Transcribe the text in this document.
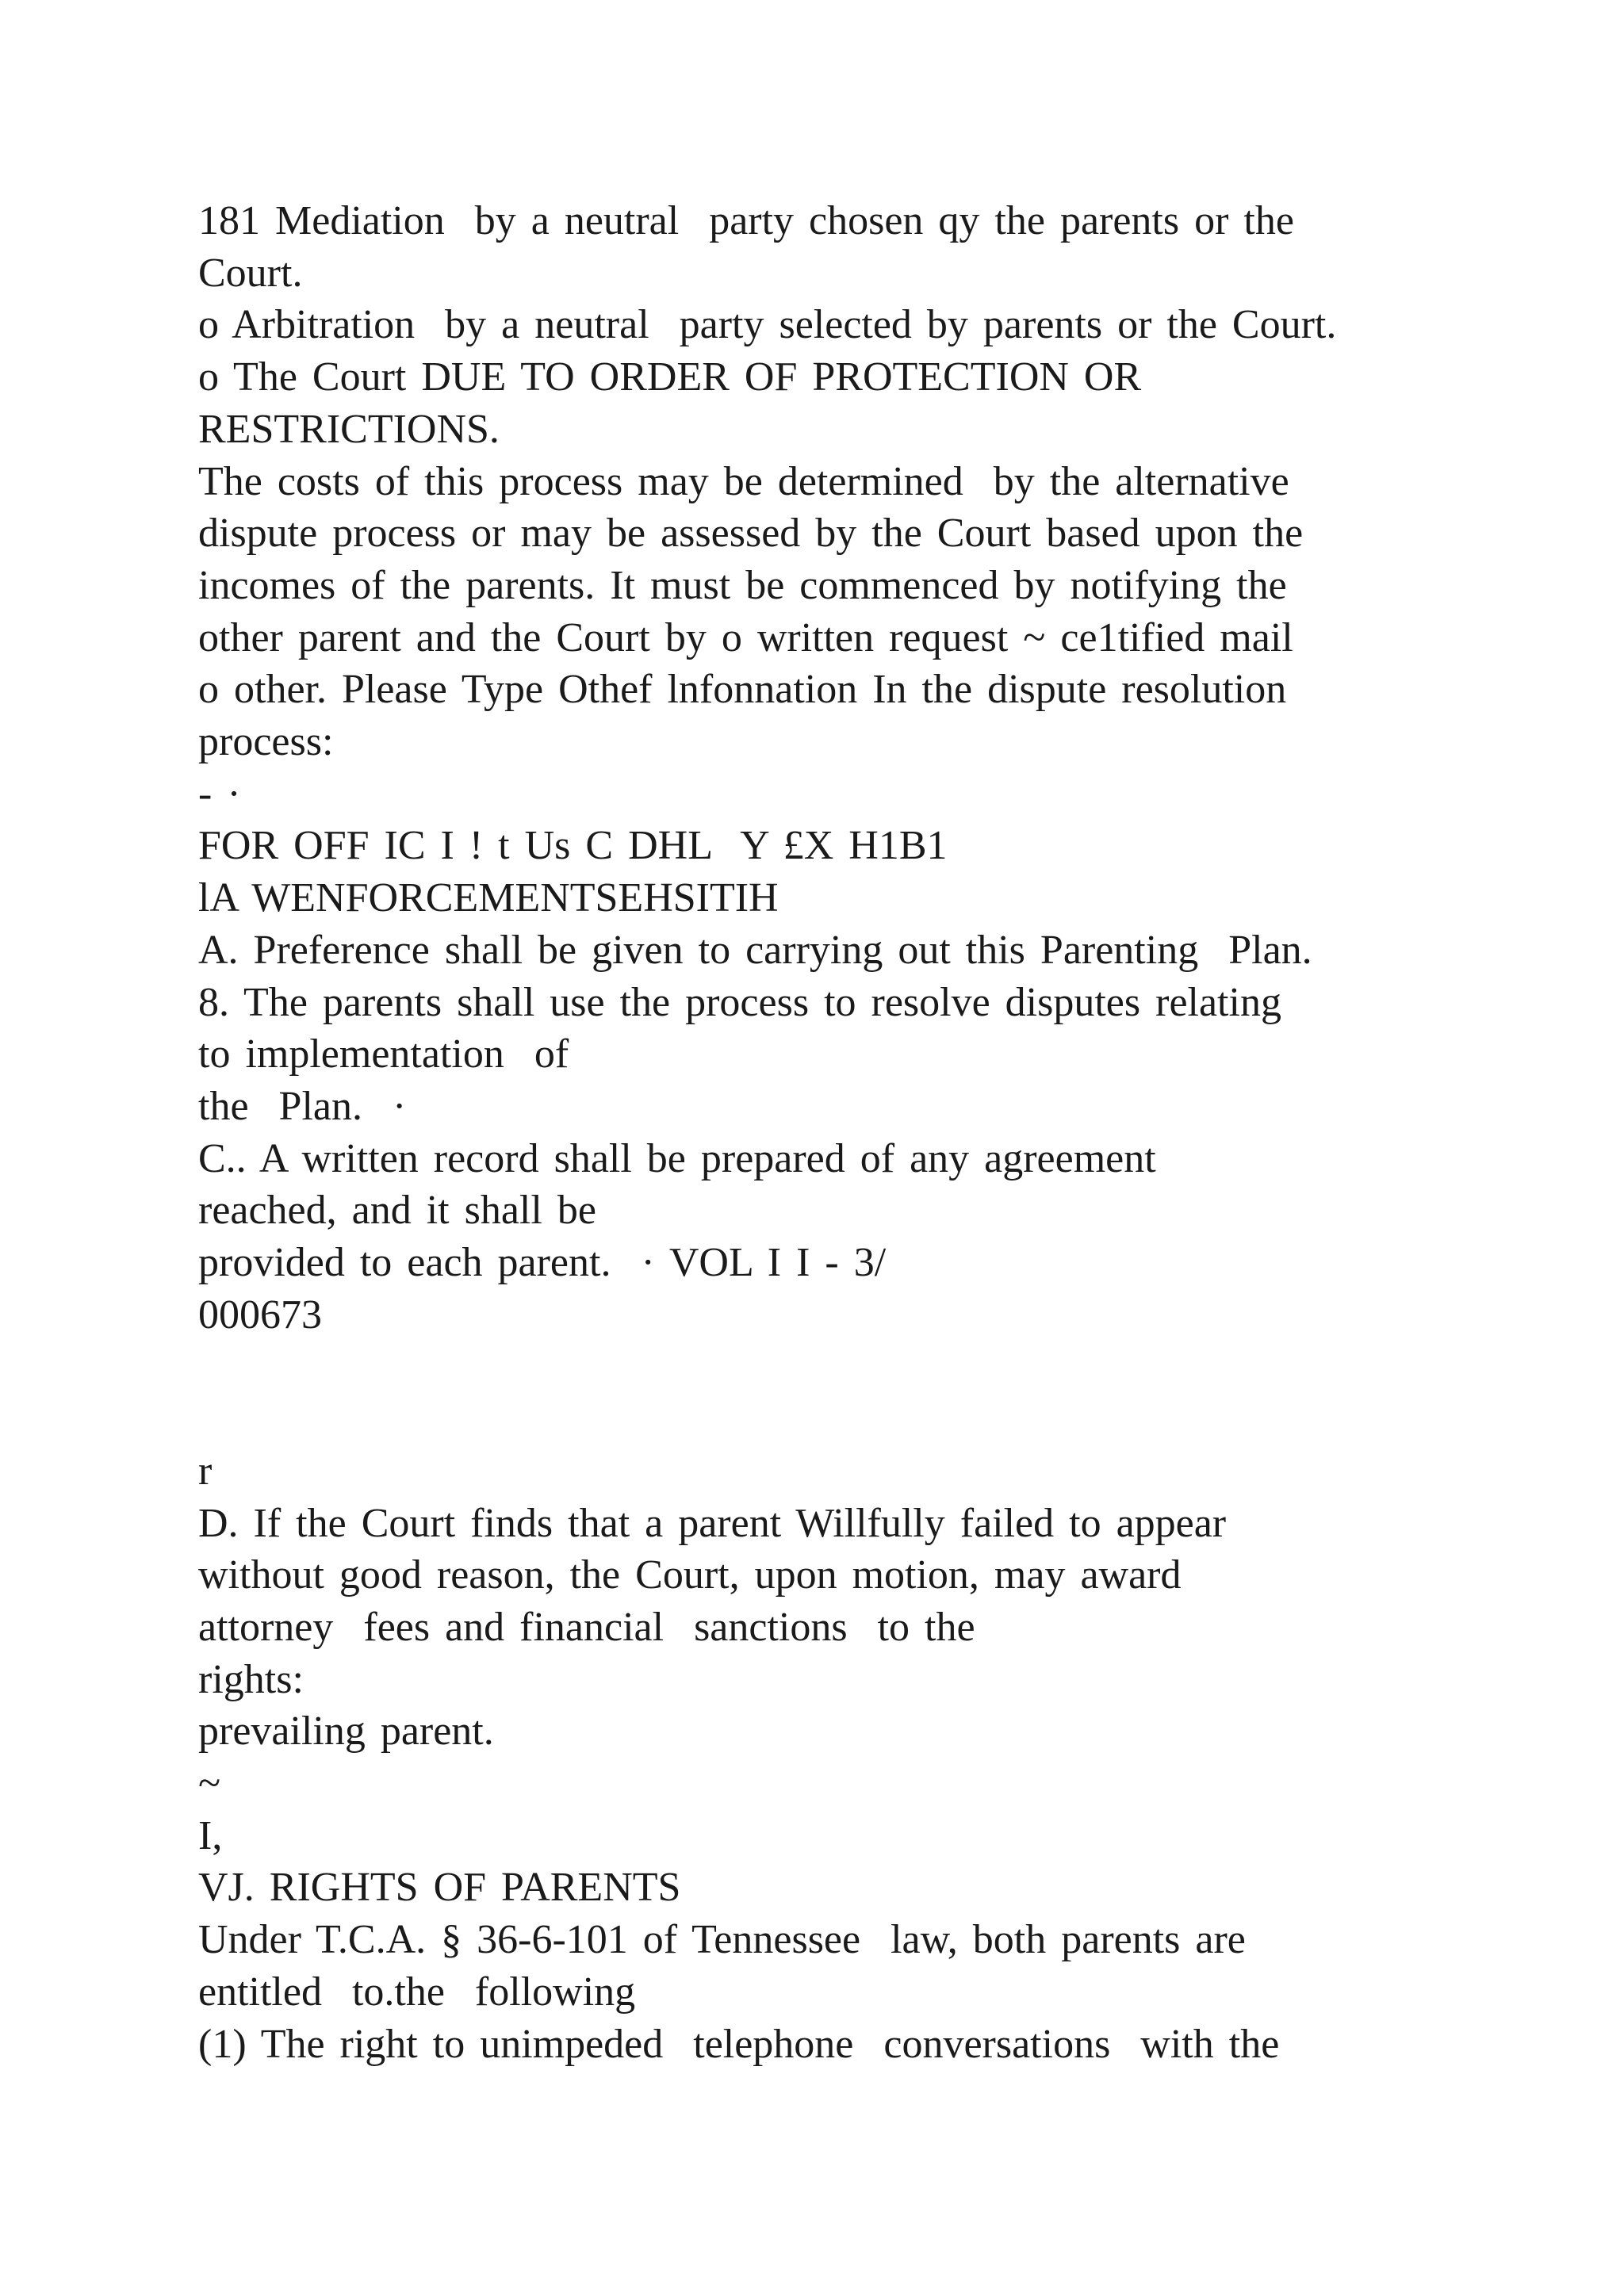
181 Mediation  by a neutral  party chosen qy the parents or the
Court.
o Arbitration  by a neutral  party selected by parents or the Court.
o The Court DUE TO ORDER OF PROTECTION OR
RESTRICTIONS.
The costs of this process may be determined  by the alternative
dispute process or may be assessed by the Court based upon the
incomes of the parents. It must be commenced by notifying the
other parent and the Court by o written request ~ ce1tified mail
o other. Please Type Othef lnfonnation In the dispute resolution
process:
- ·
FOR OFF IC I ! t Us C DHL  Y £X H1B1
lA WENFORCEMENTSEHSITIH
A. Preference shall be given to carrying out this Parenting  Plan.
8. The parents shall use the process to resolve disputes relating
to implementation  of
the  Plan.  ·
C.. A written record shall be prepared of any agreement
reached, and it shall be
provided to each parent.  · VOL I I - 3/
000673
r
D. If the Court finds that a parent Willfully failed to appear
without good reason, the Court, upon motion, may award
attorney  fees and financial  sanctions  to the
rights:
prevailing parent.
~
I,
VJ. RIGHTS OF PARENTS
Under T.C.A. § 36-6-101 of Tennessee  law, both parents are
entitled  to.the  following
(1) The right to unimpeded  telephone  conversations  with the
